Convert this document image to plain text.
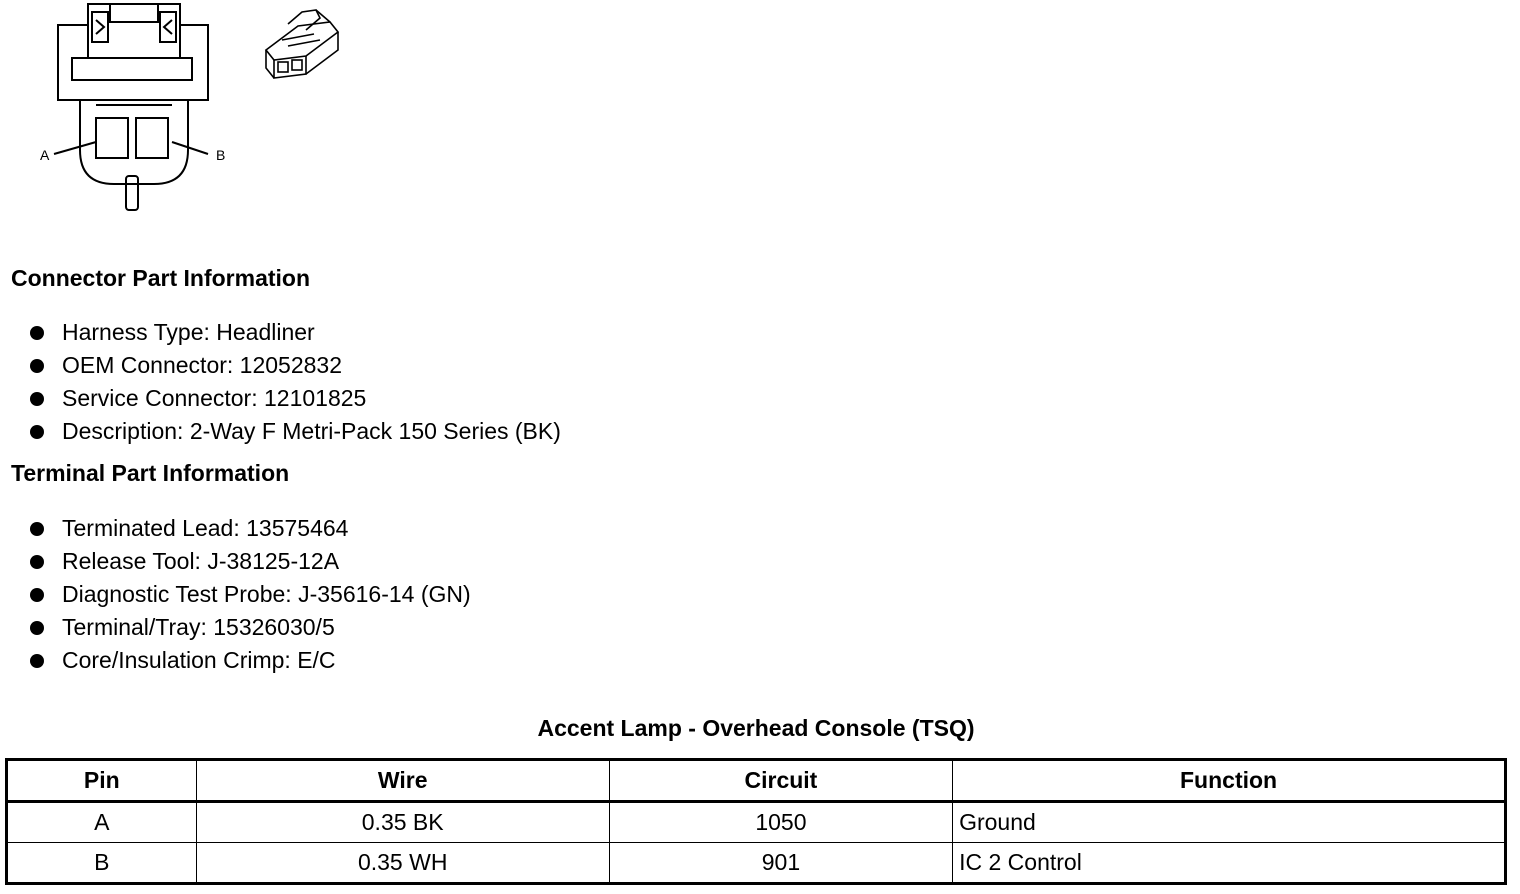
A	B
Connector Part Information
Harness Type: Headliner
OEM Connector: 12052832
Service Connector: 12101825
Description: 2-Way F Metri-Pack 150 Series (BK)
Terminal Part Information
Terminated Lead: 13575464
Release Tool: J-38125-12A
Diagnostic Test Probe: J-35616-14 (GN)
Terminal/Tray: 15326030/5
Core/Insulation Crimp: E/C
Accent Lamp - Overhead Console (TSQ)
Pin	Wire	Circuit	Function
A	0.35 BK	1050	Ground
B	0.35 WH	901	IC 2 Control
